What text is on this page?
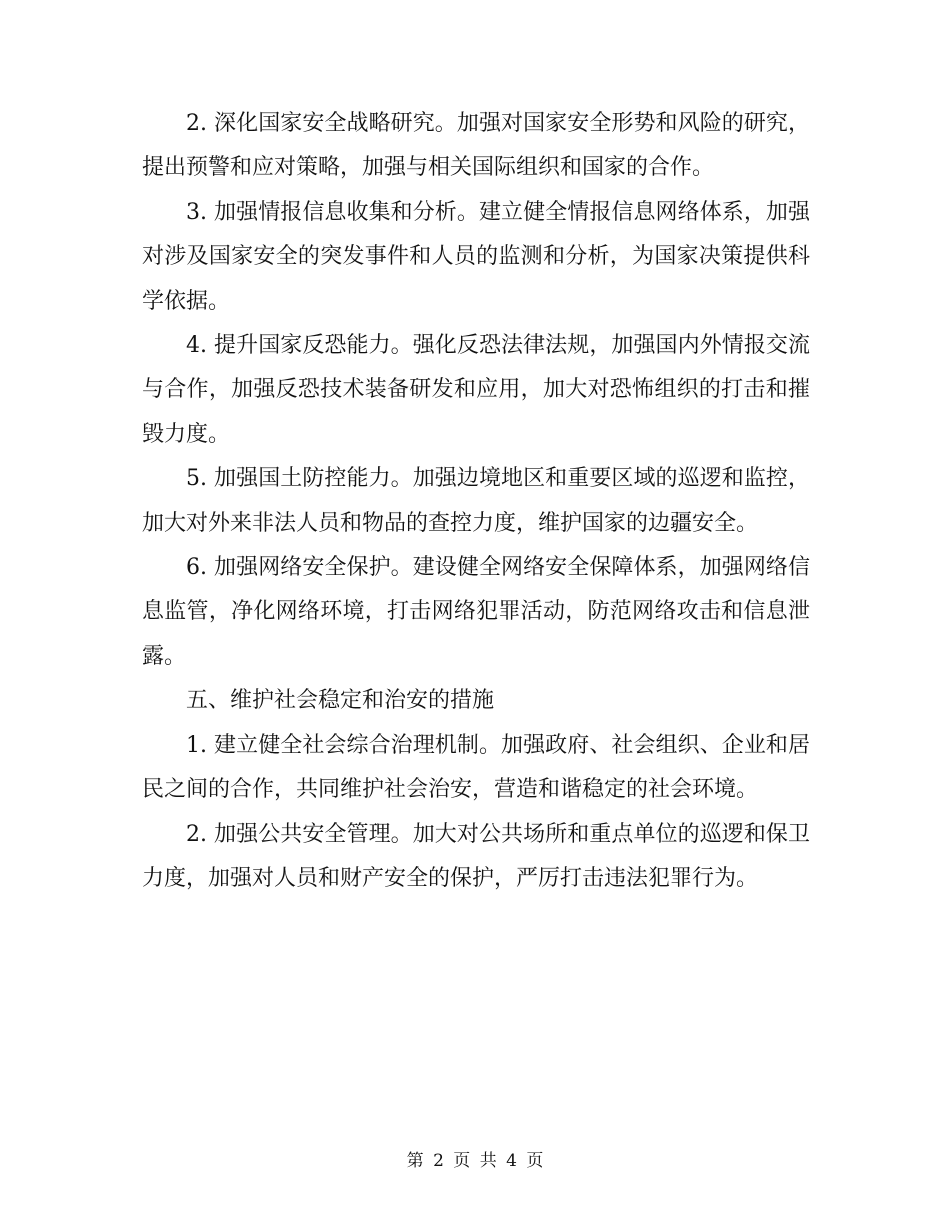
2. 深化国家安全战略研究。加强对国家安全形势和风险的研究，提出预警和应对策略，加强与相关国际组织和国家的合作。

3. 加强情报信息收集和分析。建立健全情报信息网络体系，加强对涉及国家安全的突发事件和人员的监测和分析，为国家决策提供科学依据。

4. 提升国家反恐能力。强化反恐法律法规，加强国内外情报交流与合作，加强反恐技术装备研发和应用，加大对恐怖组织的打击和摧毁力度。

5. 加强国土防控能力。加强边境地区和重要区域的巡逻和监控，加大对外来非法人员和物品的查控力度，维护国家的边疆安全。

6. 加强网络安全保护。建设健全网络安全保障体系，加强网络信息监管，净化网络环境，打击网络犯罪活动，防范网络攻击和信息泄露。

五、维护社会稳定和治安的措施

1. 建立健全社会综合治理机制。加强政府、社会组织、企业和居民之间的合作，共同维护社会治安，营造和谐稳定的社会环境。

2. 加强公共安全管理。加大对公共场所和重点单位的巡逻和保卫力度，加强对人员和财产安全的保护，严厉打击违法犯罪行为。

第 2 页 共 4 页
